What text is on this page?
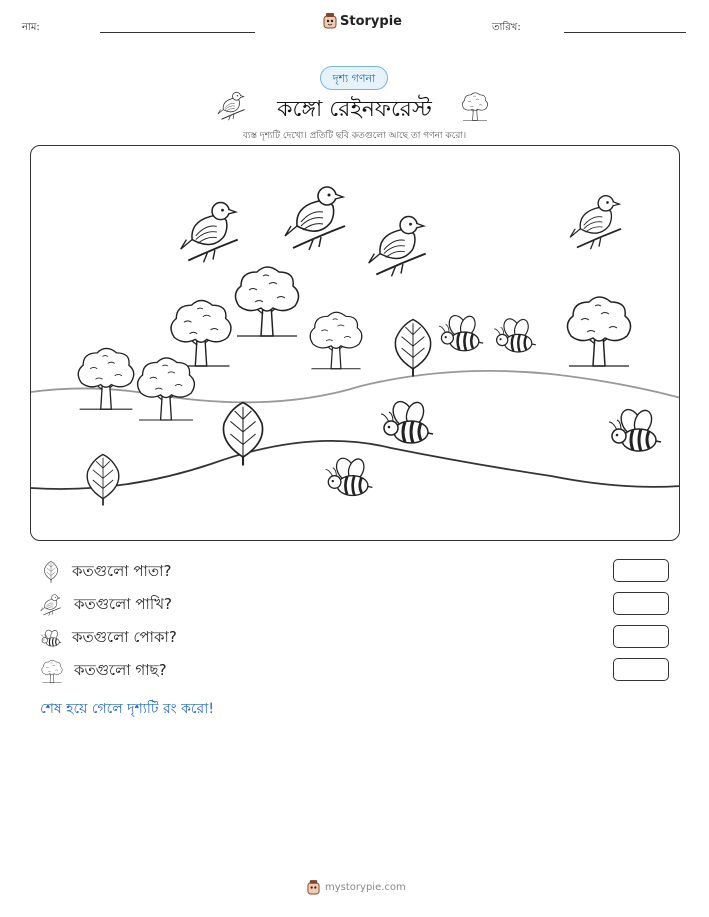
নাম:	Storypie	তারিখ:
দৃশ্য গণনা
কঙ্গো রেইনফরেস্ট
ব্যস্ত দৃশ্যটি দেখো। প্রতিটি ছবি কতগুলো আছে তা গণনা করো।
কতগুলো পাতা?
কতগুলো পাখি?
কতগুলো পোকা?
কতগুলো গাছ?
শেষ হয়ে গেলে দৃশ্যটি রং করো!
mystorypie.com
